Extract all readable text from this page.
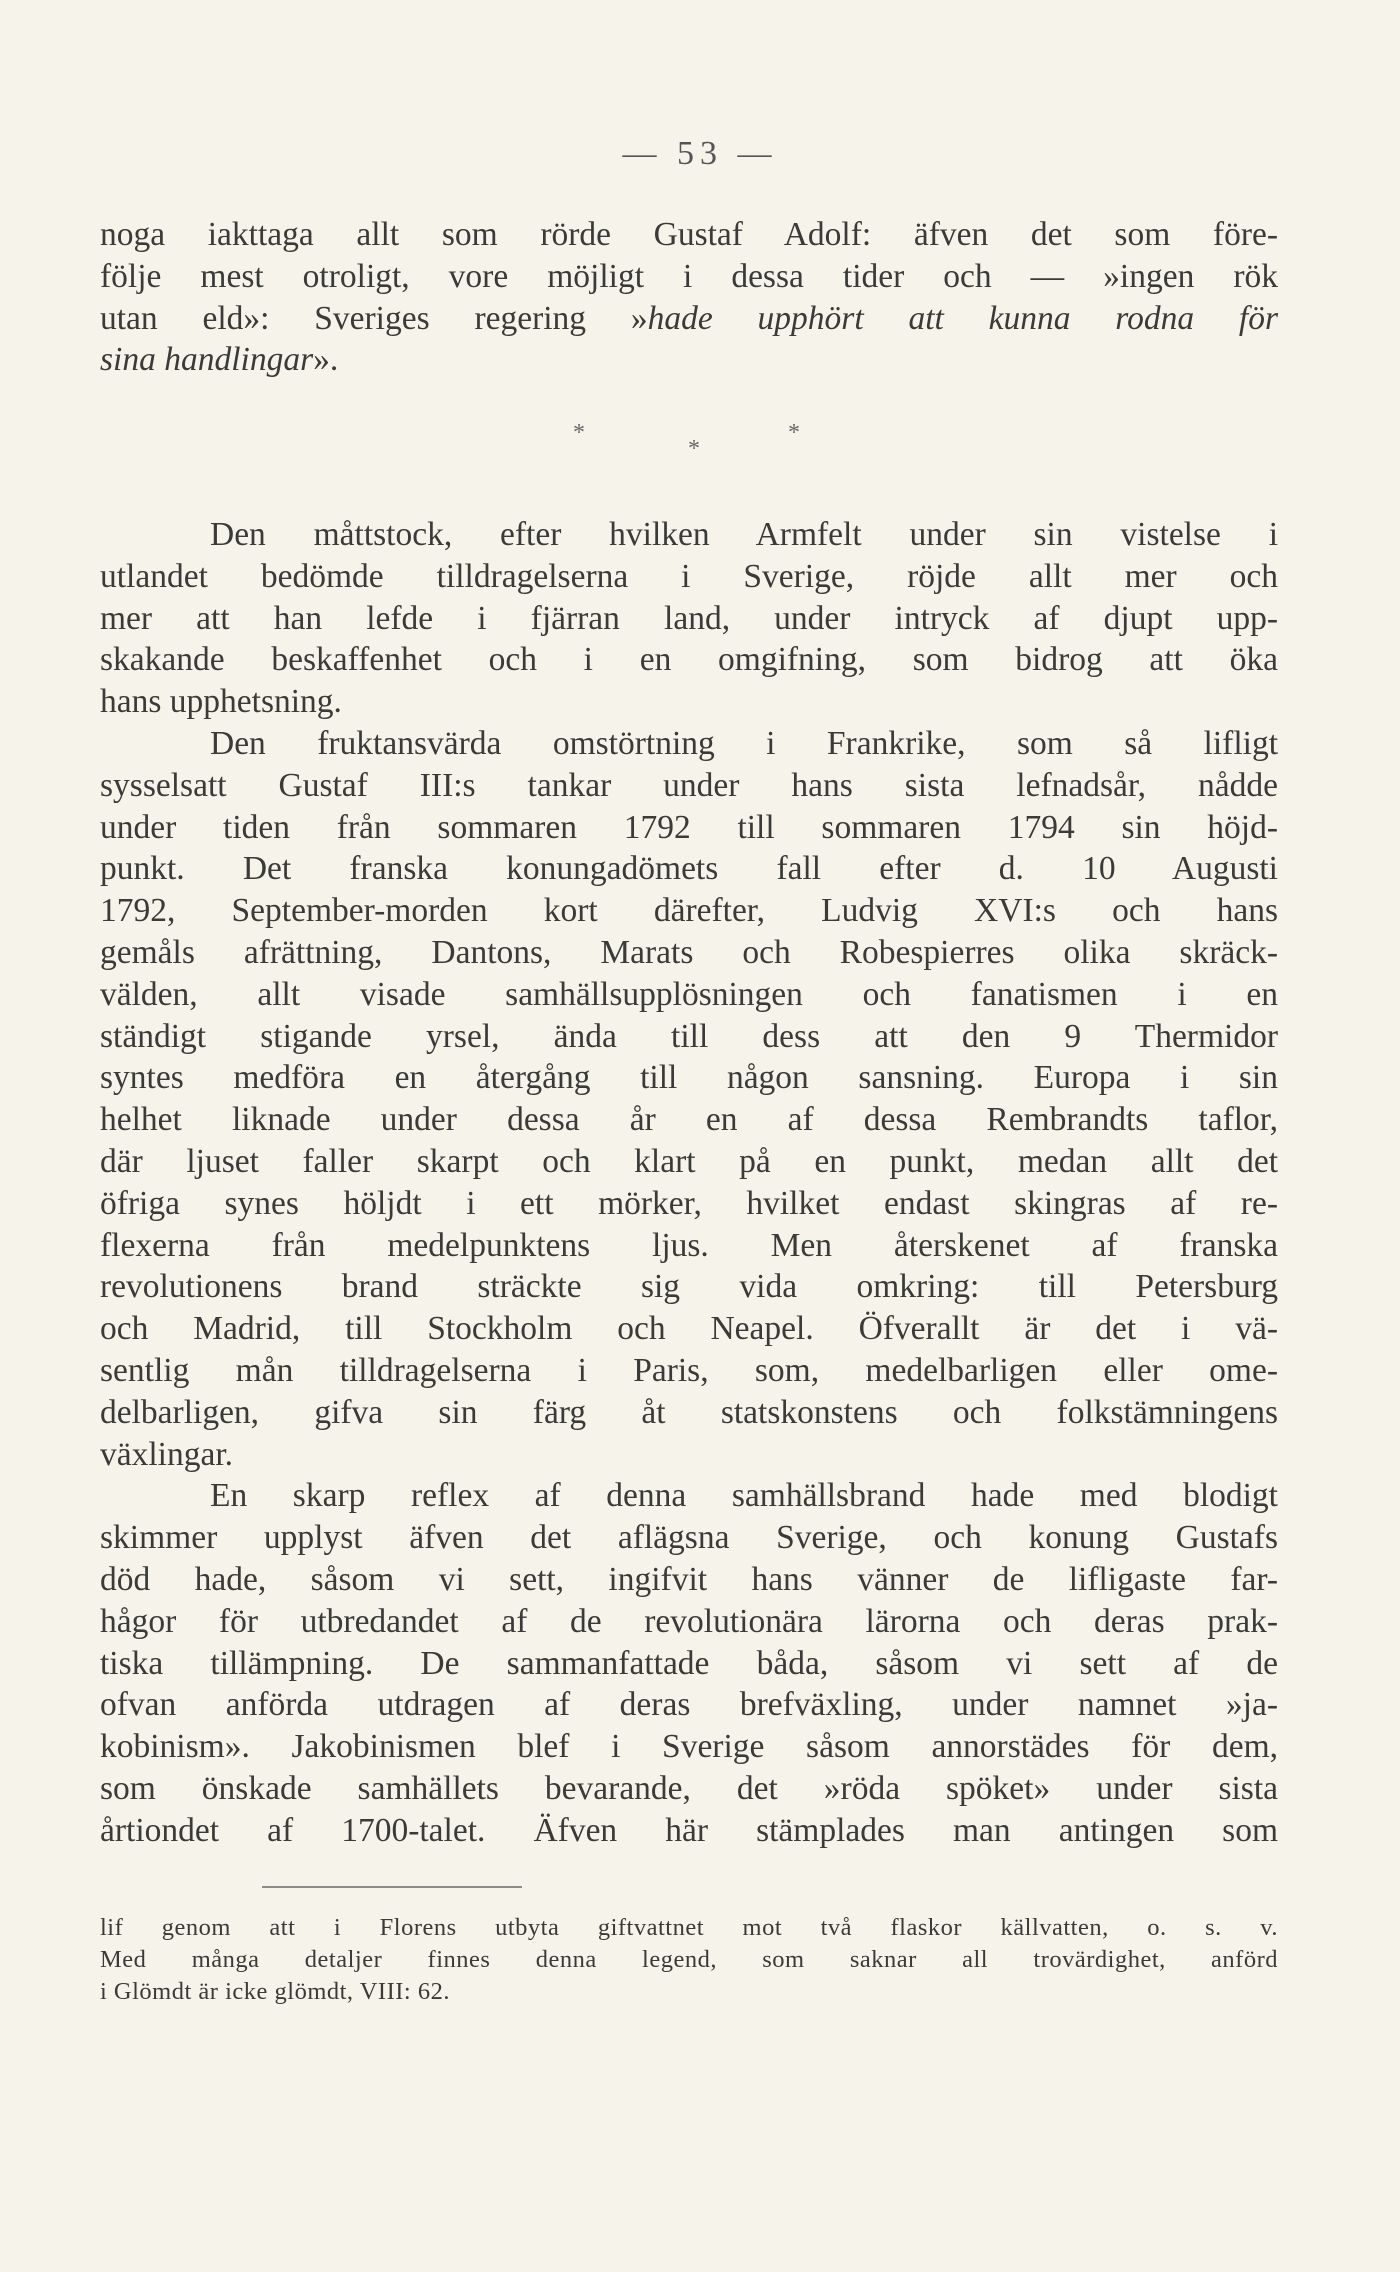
— 53 —
noga iakttaga allt som rörde Gustaf Adolf: äfven det som före-
följe mest otroligt, vore möjligt i dessa tider och — »ingen rök
utan eld»: Sveriges regering »hade upphört att kunna rodna för
sina handlingar».
*
*
*
Den måttstock, efter hvilken Armfelt under sin vistelse i
utlandet bedömde tilldragelserna i Sverige, röjde allt mer och
mer att han lefde i fjärran land, under intryck af djupt upp-
skakande beskaffenhet och i en omgifning, som bidrog att öka
hans upphetsning.
Den fruktansvärda omstörtning i Frankrike, som så lifligt
sysselsatt Gustaf III:s tankar under hans sista lefnadsår, nådde
under tiden från sommaren 1792 till sommaren 1794 sin höjd-
punkt. Det franska konungadömets fall efter d. 10 Augusti
1792, September-morden kort därefter, Ludvig XVI:s och hans
gemåls afrättning, Dantons, Marats och Robespierres olika skräck-
välden, allt visade samhällsupplösningen och fanatismen i en
ständigt stigande yrsel, ända till dess att den 9 Thermidor
syntes medföra en återgång till någon sansning. Europa i sin
helhet liknade under dessa år en af dessa Rembrandts taflor,
där ljuset faller skarpt och klart på en punkt, medan allt det
öfriga synes höljdt i ett mörker, hvilket endast skingras af re-
flexerna från medelpunktens ljus. Men återskenet af franska
revolutionens brand sträckte sig vida omkring: till Petersburg
och Madrid, till Stockholm och Neapel. Öfverallt är det i vä-
sentlig mån tilldragelserna i Paris, som, medelbarligen eller ome-
delbarligen, gifva sin färg åt statskonstens och folkstämningens
växlingar.
En skarp reflex af denna samhällsbrand hade med blodigt
skimmer upplyst äfven det aflägsna Sverige, och konung Gustafs
död hade, såsom vi sett, ingifvit hans vänner de lifligaste far-
hågor för utbredandet af de revolutionära lärorna och deras prak-
tiska tillämpning. De sammanfattade båda, såsom vi sett af de
ofvan anförda utdragen af deras brefväxling, under namnet »ja-
kobinism». Jakobinismen blef i Sverige såsom annorstädes för dem,
som önskade samhällets bevarande, det »röda spöket» under sista
årtiondet af 1700-talet. Äfven här stämplades man antingen som
lif genom att i Florens utbyta giftvattnet mot två flaskor källvatten, o. s. v.
Med många detaljer finnes denna legend, som saknar all trovärdighet, anförd
i Glömdt är icke glömdt, VIII: 62.
